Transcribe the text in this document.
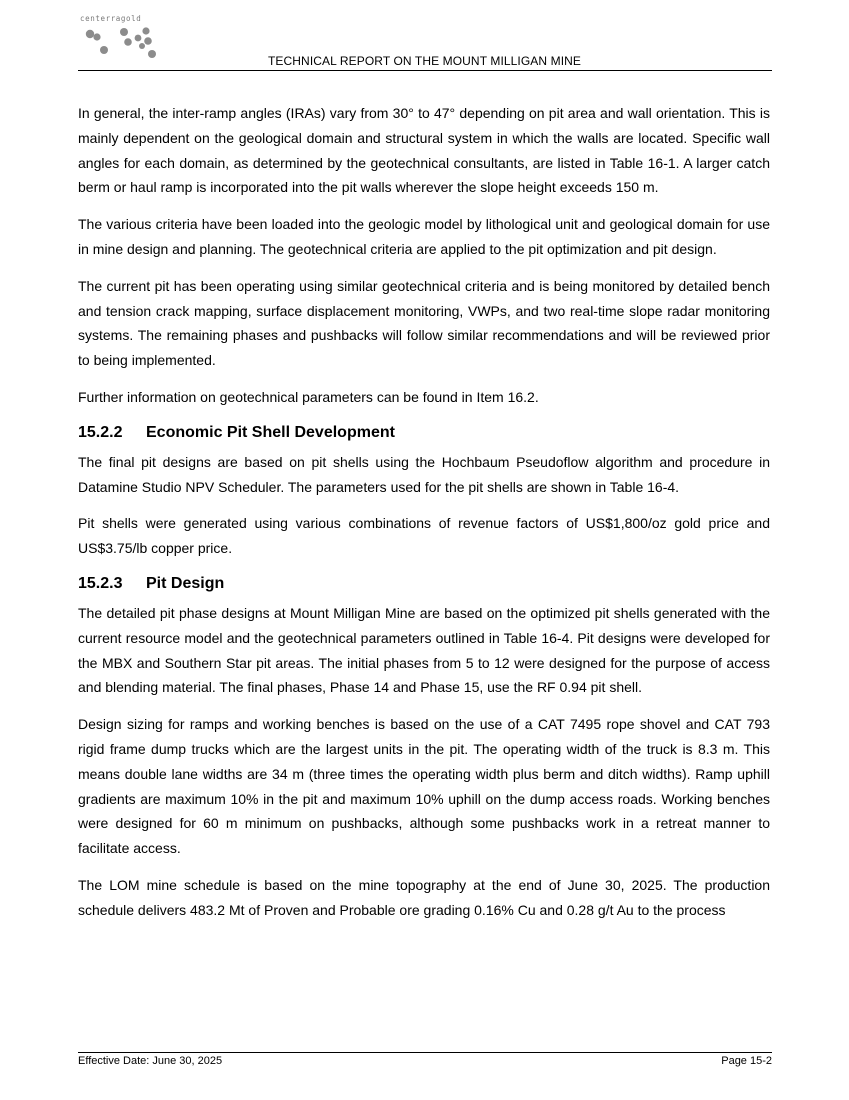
centerragold
TECHNICAL REPORT ON THE MOUNT MILLIGAN MINE

In general, the inter-ramp angles (IRAs) vary from 30° to 47° depending on pit area and wall orientation. This is mainly dependent on the geological domain and structural system in which the walls are located. Specific wall angles for each domain, as determined by the geotechnical consultants, are listed in Table 16-1. A larger catch berm or haul ramp is incorporated into the pit walls wherever the slope height exceeds 150 m.

The various criteria have been loaded into the geologic model by lithological unit and geological domain for use in mine design and planning. The geotechnical criteria are applied to the pit optimization and pit design.

The current pit has been operating using similar geotechnical criteria and is being monitored by detailed bench and tension crack mapping, surface displacement monitoring, VWPs, and two real-time slope radar monitoring systems. The remaining phases and pushbacks will follow similar recommendations and will be reviewed prior to being implemented.

Further information on geotechnical parameters can be found in Item 16.2.

15.2.2 Economic Pit Shell Development

The final pit designs are based on pit shells using the Hochbaum Pseudoflow algorithm and procedure in Datamine Studio NPV Scheduler. The parameters used for the pit shells are shown in Table 16-4.

Pit shells were generated using various combinations of revenue factors of US$1,800/oz gold price and US$3.75/lb copper price.

15.2.3 Pit Design

The detailed pit phase designs at Mount Milligan Mine are based on the optimized pit shells generated with the current resource model and the geotechnical parameters outlined in Table 16-4. Pit designs were developed for the MBX and Southern Star pit areas. The initial phases from 5 to 12 were designed for the purpose of access and blending material. The final phases, Phase 14 and Phase 15, use the RF 0.94 pit shell.

Design sizing for ramps and working benches is based on the use of a CAT 7495 rope shovel and CAT 793 rigid frame dump trucks which are the largest units in the pit. The operating width of the truck is 8.3 m. This means double lane widths are 34 m (three times the operating width plus berm and ditch widths). Ramp uphill gradients are maximum 10% in the pit and maximum 10% uphill on the dump access roads. Working benches were designed for 60 m minimum on pushbacks, although some pushbacks work in a retreat manner to facilitate access.

The LOM mine schedule is based on the mine topography at the end of June 30, 2025. The production schedule delivers 483.2 Mt of Proven and Probable ore grading 0.16% Cu and 0.28 g/t Au to the process

Effective Date: June 30, 2025	Page 15-2
